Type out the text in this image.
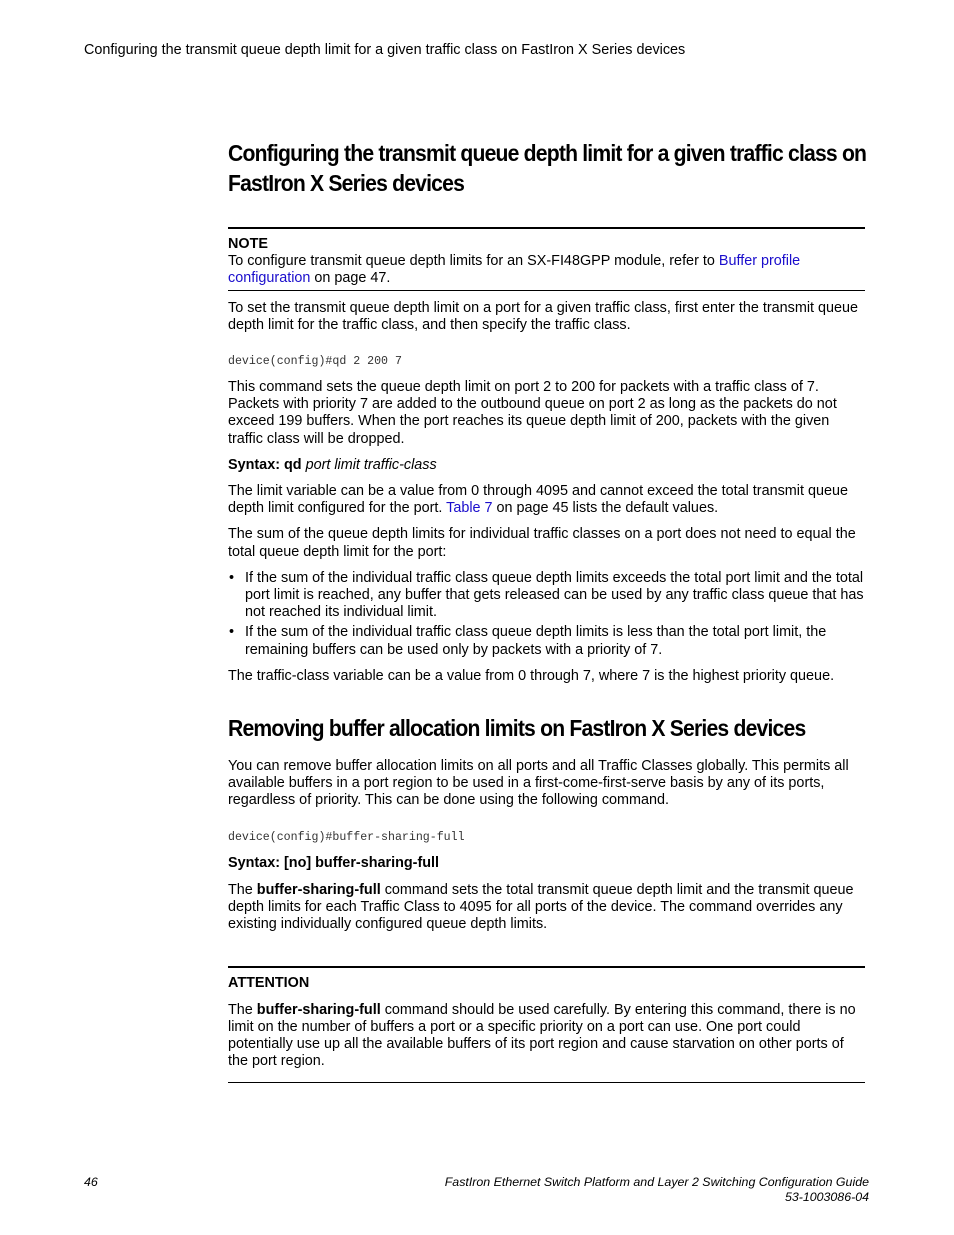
Configuring the transmit queue depth limit for a given traffic class on FastIron X Series devices
Configuring the transmit queue depth limit for a given traffic class on
FastIron X Series devices
NOTE

To configure transmit queue depth limits for an SX-FI48GPP module, refer to Buffer profile
configuration on page 47.

To set the transmit queue depth limit on a port for a given traffic class, first enter the transmit queue depth limit for the traffic class, and then specify the traffic class.

device(config)#qd 2 200 7

This command sets the queue depth limit on port 2 to 200 for packets with a traffic class of 7. Packets with priority 7 are added to the outbound queue on port 2 as long as the packets do not exceed 199 buffers. When the port reaches its queue depth limit of 200, packets with the given traffic class will be dropped.

Syntax: qd port limit traffic-class

The limit variable can be a value from 0 through 4095 and cannot exceed the total transmit queue depth limit configured for the port. Table 7 on page 45 lists the default values.

The sum of the queue depth limits for individual traffic classes on a port does not need to equal the total queue depth limit for the port:

• If the sum of the individual traffic class queue depth limits exceeds the total port limit and the total port limit is reached, any buffer that gets released can be used by any traffic class queue that has not reached its individual limit.
• If the sum of the individual traffic class queue depth limits is less than the total port limit, the remaining buffers can be used only by packets with a priority of 7.

The traffic-class variable can be a value from 0 through 7, where 7 is the highest priority queue.

Removing buffer allocation limits on FastIron X Series devices

You can remove buffer allocation limits on all ports and all Traffic Classes globally. This permits all available buffers in a port region to be used in a first-come-first-serve basis by any of its ports, regardless of priority. This can be done using the following command.

device(config)#buffer-sharing-full

Syntax: [no] buffer-sharing-full

The buffer-sharing-full command sets the total transmit queue depth limit and the transmit queue depth limits for each Traffic Class to 4095 for all ports of the device. The command overrides any existing individually configured queue depth limits.

ATTENTION

The buffer-sharing-full command should be used carefully. By entering this command, there is no limit on the number of buffers a port or a specific priority on a port can use. One port could potentially use up all the available buffers of its port region and cause starvation on other ports of the port region.

46	FastIron Ethernet Switch Platform and Layer 2 Switching Configuration Guide
53-1003086-04
